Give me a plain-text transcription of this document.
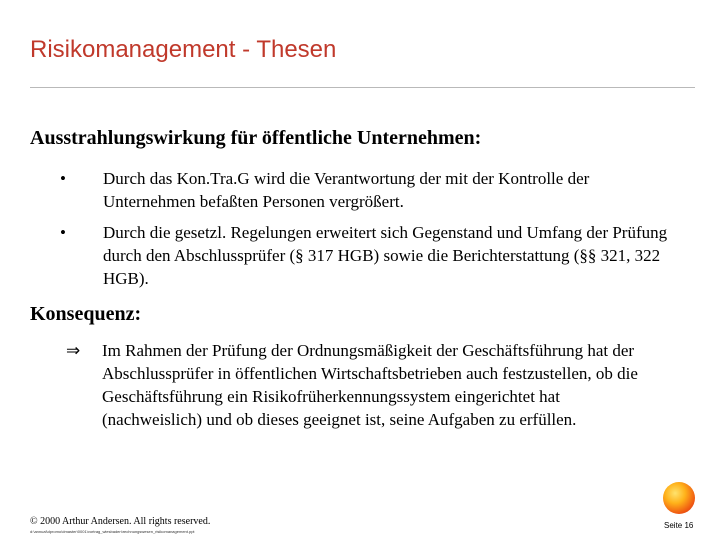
Risikomanagement - Thesen
Ausstrahlungswirkung für öffentliche Unternehmen:
•	Durch das Kon.Tra.G wird die Verantwortung der mit der Kontrolle der Unternehmen befaßten Personen vergrößert.
•	Durch die gesetzl. Regelungen erweitert sich Gegenstand und Umfang der Prüfung durch den Abschlussprüfer (§ 317 HGB) sowie die Berichterstattung (§§ 321, 322 HGB).
Konsequenz:
⇒	Im Rahmen der Prüfung der Ordnungsmäßigkeit der Geschäftsführung hat der Abschlussprüfer in öffentlichen Wirtschaftsbetrieben auch festzustellen, ob die Geschäftsführung ein Risikofrüherkennungssystem eingerichtet hat (nachweislich) und ob dieses geeignet ist, seine Aufgaben zu erfüllen.
© 2000 Arthur Andersen. All rights reserved.
d:\annual\dpromo\dmaster\0001\vortrag_wiesbaden\rechnungswesen_risikomanagement.ppt
Seite 16
